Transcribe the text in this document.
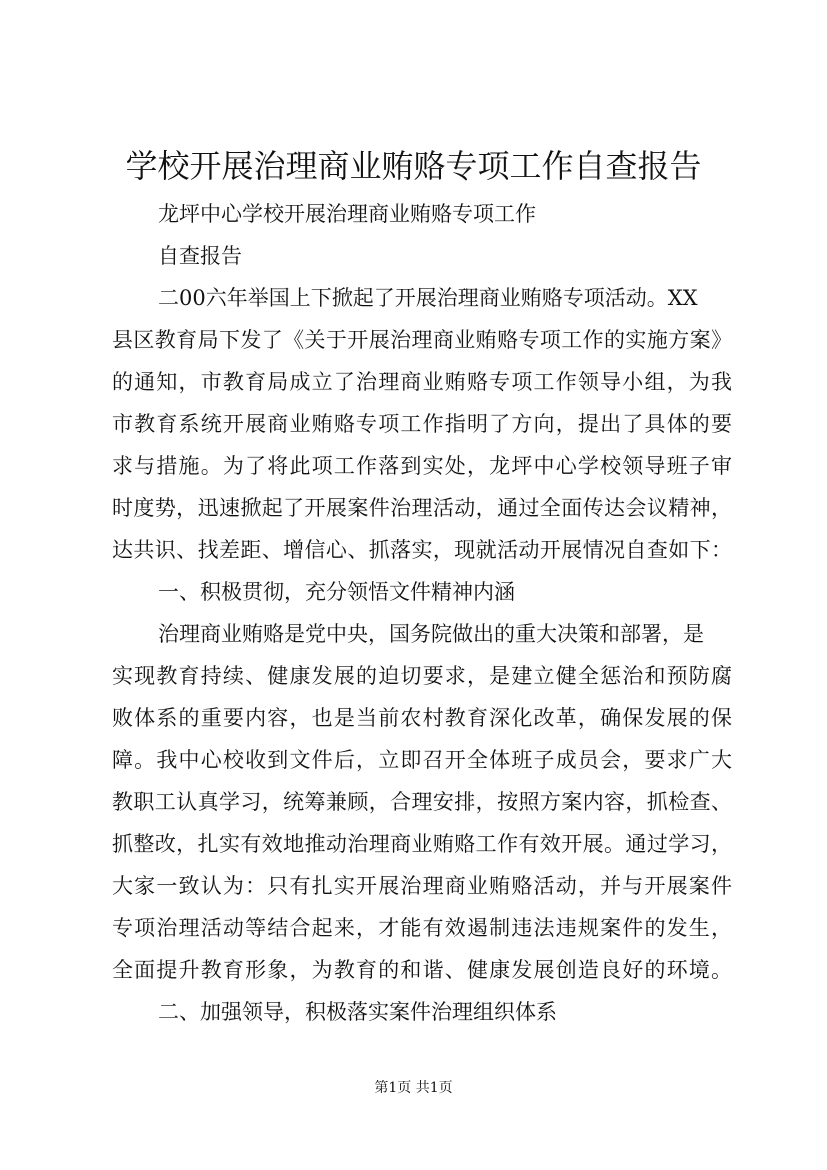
学校开展治理商业贿赂专项工作自查报告
龙坪中心学校开展治理商业贿赂专项工作
自查报告
二00六年举国上下掀起了开展治理商业贿赂专项活动。XX
县区教育局下发了《关于开展治理商业贿赂专项工作的实施方案》
的通知，市教育局成立了治理商业贿赂专项工作领导小组，为我
市教育系统开展商业贿赂专项工作指明了方向，提出了具体的要
求与措施。为了将此项工作落到实处，龙坪中心学校领导班子审
时度势，迅速掀起了开展案件治理活动，通过全面传达会议精神，
达共识、找差距、增信心、抓落实，现就活动开展情况自查如下：
一、积极贯彻，充分领悟文件精神内涵
治理商业贿赂是党中央，国务院做出的重大决策和部署，是
实现教育持续、健康发展的迫切要求，是建立健全惩治和预防腐
败体系的重要内容，也是当前农村教育深化改革，确保发展的保
障。我中心校收到文件后，立即召开全体班子成员会，要求广大
教职工认真学习，统筹兼顾，合理安排，按照方案内容，抓检查、
抓整改，扎实有效地推动治理商业贿赂工作有效开展。通过学习，
大家一致认为：只有扎实开展治理商业贿赂活动，并与开展案件
专项治理活动等结合起来，才能有效遏制违法违规案件的发生，
全面提升教育形象，为教育的和谐、健康发展创造良好的环境。
二、加强领导，积极落实案件治理组织体系
第1页 共1页
